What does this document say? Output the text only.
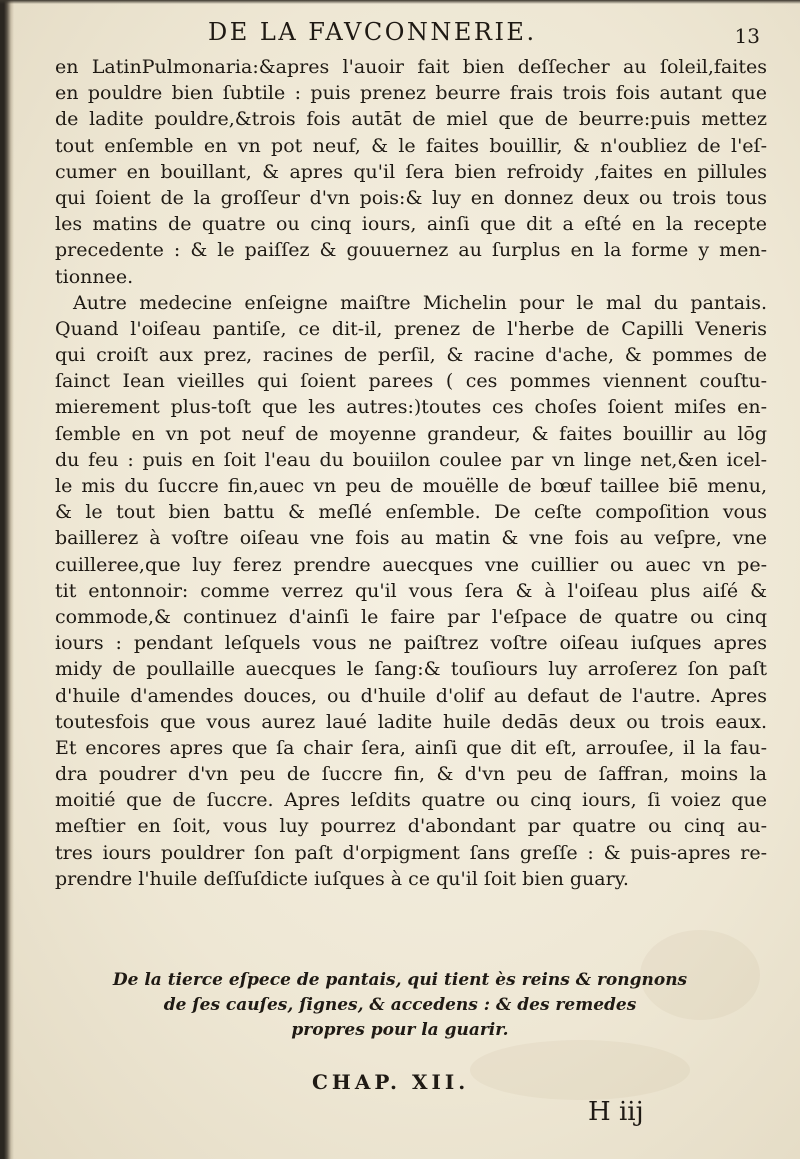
DE LA FAVCONNERIE.	13
en LatinPulmonaria:&apres l'auoir fait bien deſſecher au ſoleil,faites
en pouldre bien ſubtile : puis prenez beurre frais trois fois autant que
de ladite pouldre,&trois fois autāt de miel que de beurre:puis mettez
tout enſemble en vn pot neuf, & le faites bouillir, & n'oubliez de l'eſ-
cumer en bouillant, & apres qu'il ſera bien refroidy ,faites en pillules
qui ſoient de la groſſeur d'vn pois:& luy en donnez deux ou trois tous
les matins de quatre ou cinq iours, ainſi que dit a eſté en la recepte
precedente : & le paiſſez & gouuernez au ſurplus en la forme y men-
tionnee.
Autre medecine enſeigne maiſtre Michelin pour le mal du pantais.
Quand l'oiſeau pantiſe, ce dit-il, prenez de l'herbe de Capilli Veneris
qui croiſt aux prez, racines de perſil, & racine d'ache, & pommes de
ſainct Iean vieilles qui ſoient parees ( ces pommes viennent couſtu-
mierement plus-toſt que les autres:)toutes ces choſes ſoient miſes en-
ſemble en vn pot neuf de moyenne grandeur, & faites bouillir au lōg
du feu : puis en ſoit l'eau du bouiilon coulee par vn linge net,&en icel-
le mis du ſuccre fin,auec vn peu de mouëlle de bœuf taillee biē menu,
& le tout bien battu & meſlé enſemble. De ceſte compoſition vous
baillerez à voſtre oiſeau vne fois au matin & vne fois au veſpre, vne
cuilleree,que luy ferez prendre auecques vne cuillier ou auec vn pe-
tit entonnoir: comme verrez qu'il vous ſera & à l'oiſeau plus aiſé &
commode,& continuez d'ainſi le faire par l'eſpace de quatre ou cinq
iours : pendant leſquels vous ne paiſtrez voſtre oiſeau iuſques apres
midy de poullaille auecques le ſang:& touſiours luy arroſerez ſon paſt
d'huile d'amendes douces, ou d'huile d'olif au defaut de l'autre. Apres
toutesfois que vous aurez laué ladite huile dedās deux ou trois eaux.
Et encores apres que ſa chair ſera, ainſi que dit eſt, arrouſee, il la fau-
dra poudrer d'vn peu de ſuccre fin, & d'vn peu de ſaffran, moins la
moitié que de ſuccre. Apres leſdits quatre ou cinq iours, ſi voiez que
meſtier en ſoit, vous luy pourrez d'abondant par quatre ou cinq au-
tres iours pouldrer ſon paſt d'orpigment ſans greſſe : & puis-apres re-
prendre l'huile deſſuſdicte iuſques à ce qu'il ſoit bien guary.
De la tierce eſpece de pantais, qui tient ès reins & rongnons
de ſes cauſes, ſignes, & accedens : & des remedes
propres pour la guarir.
CHAP. XII.
H iij
